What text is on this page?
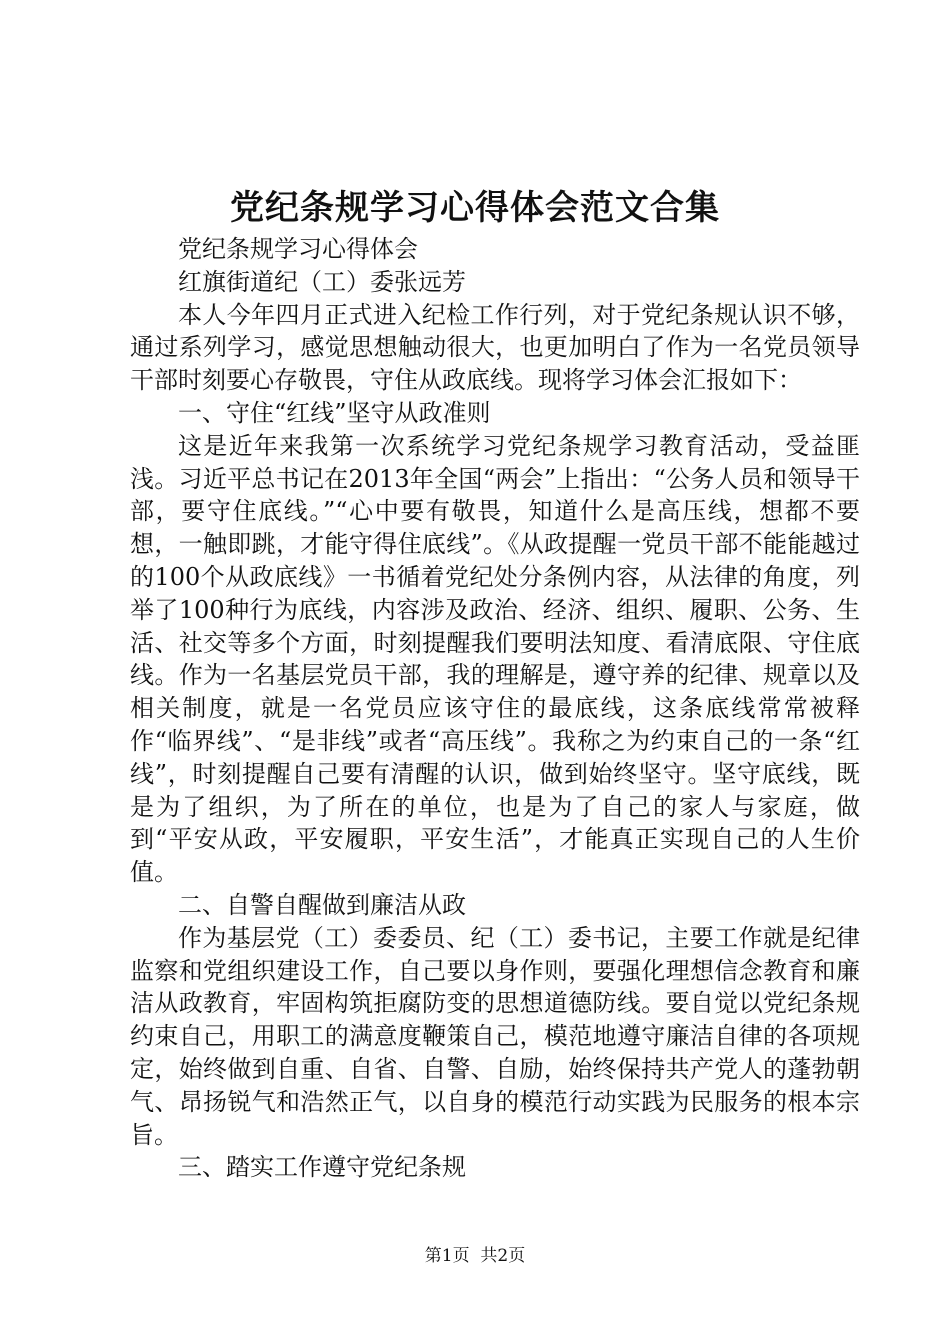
党纪条规学习心得体会范文合集

党纪条规学习心得体会

红旗街道纪（工）委张远芳

本人今年四月正式进入纪检工作行列，对于党纪条规认识不够，通过系列学习，感觉思想触动很大，也更加明白了作为一名党员领导干部时刻要心存敬畏，守住从政底线。现将学习体会汇报如下：

一、守住“红线”坚守从政准则

这是近年来我第一次系统学习党纪条规学习教育活动，受益匪浅。习近平总书记在2013年全国“两会”上指出：“公务人员和领导干部，要守住底线。”“心中要有敬畏，知道什么是高压线，想都不要想，一触即跳，才能守得住底线”。《从政提醒一党员干部不能能越过的100个从政底线》一书循着党纪处分条例内容，从法律的角度，列举了100种行为底线，内容涉及政治、经济、组织、履职、公务、生活、社交等多个方面，时刻提醒我们要明法知度、看清底限、守住底线。作为一名基层党员干部，我的理解是，遵守养的纪律、规章以及相关制度，就是一名党员应该守住的最底线，这条底线常常被释作“临界线”、“是非线”或者“高压线”。我称之为约束自己的一条“红线”，时刻提醒自己要有清醒的认识，做到始终坚守。坚守底线，既是为了组织，为了所在的单位，也是为了自己的家人与家庭，做到“平安从政，平安履职，平安生活”，才能真正实现自己的人生价值。

二、自警自醒做到廉洁从政

作为基层党（工）委委员、纪（工）委书记，主要工作就是纪律监察和党组织建设工作，自己要以身作则，要强化理想信念教育和廉洁从政教育，牢固构筑拒腐防变的思想道德防线。要自觉以党纪条规约束自己，用职工的满意度鞭策自己，模范地遵守廉洁自律的各项规定，始终做到自重、自省、自警、自励，始终保持共产党人的蓬勃朝气、昂扬锐气和浩然正气，以自身的模范行动实践为民服务的根本宗旨。

三、踏实工作遵守党纪条规

第1页  共2页
